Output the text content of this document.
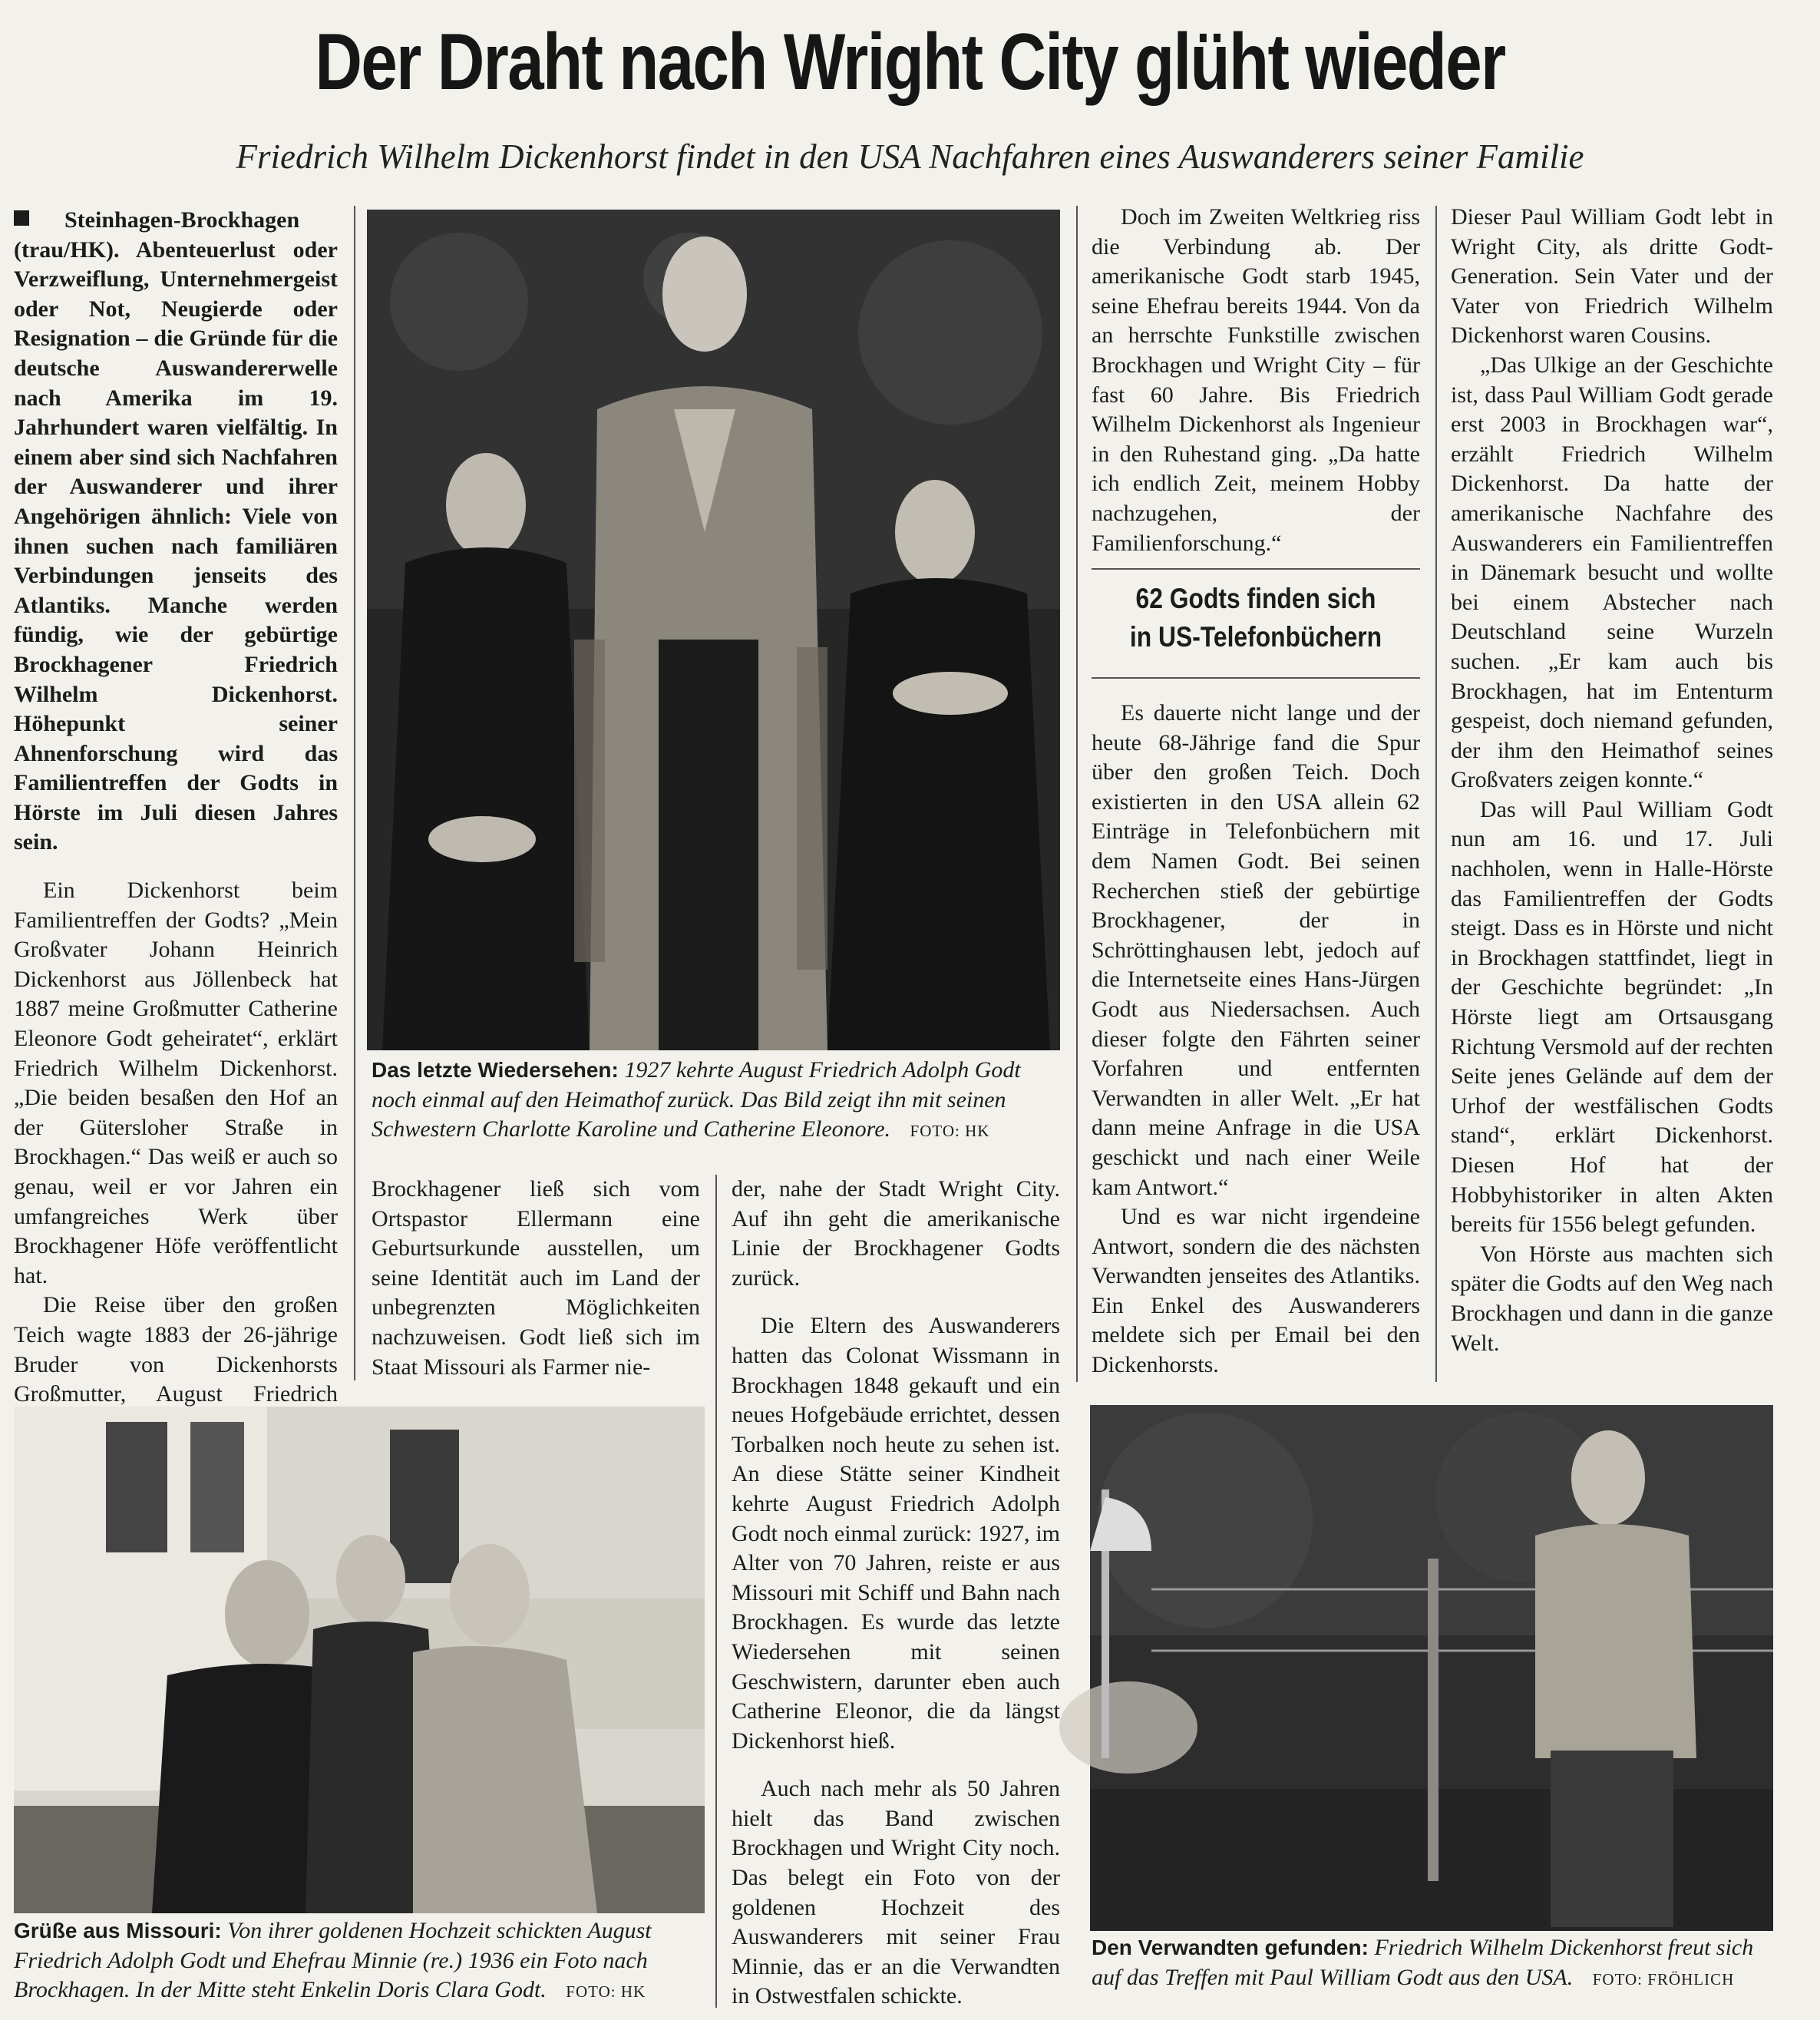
Der Draht nach Wright City glüht wieder
Friedrich Wilhelm Dickenhorst findet in den USA Nachfahren eines Auswanderers seiner Familie

Steinhagen-Brockhagen (trau/HK). Abenteuerlust oder Verzweiflung, Unternehmergeist oder Not, Neugierde oder Resignation – die Gründe für die deutsche Auswandererwelle nach Amerika im 19. Jahrhundert waren vielfältig. In einem aber sind sich Nachfahren der Auswanderer und ihrer Angehörigen ähnlich: Viele von ihnen suchen nach familiären Verbindungen jenseits des Atlantiks. Manche werden fündig, wie der gebürtige Brockhagener Friedrich Wilhelm Dickenhorst. Höhepunkt seiner Ahnenforschung wird das Familientreffen der Godts in Hörste im Juli diesen Jahres sein.

Ein Dickenhorst beim Familientreffen der Godts? „Mein Großvater Johann Heinrich Dickenhorst aus Jöllenbeck hat 1887 meine Großmutter Catherine Eleonore Godt geheiratet“, erklärt Friedrich Wilhelm Dickenhorst. „Die beiden besaßen den Hof an der Gütersloher Straße in Brockhagen.“ Das weiß er auch so genau, weil er vor Jahren ein umfangreiches Werk über Brockhagener Höfe veröffentlicht hat.

Die Reise über den großen Teich wagte 1883 der 26-jährige Bruder von Dickenhorsts Großmutter, August Friedrich

Das letzte Wiedersehen: 1927 kehrte August Friedrich Adolph Godt noch einmal auf den Heimathof zurück. Das Bild zeigt ihn mit seinen Schwestern Charlotte Karoline und Catherine Eleonore. FOTO: HK

Brockhagener ließ sich vom Ortspastor Ellermann eine Geburtsurkunde ausstellen, um seine Identität auch im Land der unbegrenzten Möglichkeiten nachzuweisen. Godt ließ sich im Staat Missouri als Farmer nie-

der, nahe der Stadt Wright City. Auf ihn geht die amerikanische Linie der Brockhagener Godts zurück.

Die Eltern des Auswanderers hatten das Colonat Wissmann in Brockhagen 1848 gekauft und ein neues Hofgebäude errichtet, dessen Torbalken noch heute zu sehen ist. An diese Stätte seiner Kindheit kehrte August Friedrich Adolph Godt noch einmal zurück: 1927, im Alter von 70 Jahren, reiste er aus Missouri mit Schiff und Bahn nach Brockhagen. Es wurde das letzte Wiedersehen mit seinen Geschwistern, darunter eben auch Catherine Eleonor, die da längst Dickenhorst hieß.

Auch nach mehr als 50 Jahren hielt das Band zwischen Brockhagen und Wright City noch. Das belegt ein Foto von der goldenen Hochzeit des Auswanderers mit seiner Frau Minnie, das er an die Verwandten in Ostwestfalen schickte.

Doch im Zweiten Weltkrieg riss die Verbindung ab. Der amerikanische Godt starb 1945, seine Ehefrau bereits 1944. Von da an herrschte Funkstille zwischen Brockhagen und Wright City – für fast 60 Jahre. Bis Friedrich Wilhelm Dickenhorst als Ingenieur in den Ruhestand ging. „Da hatte ich endlich Zeit, meinem Hobby nachzugehen, der Familienforschung.“

62 Godts finden sich
in US-Telefonbüchern

Es dauerte nicht lange und der heute 68-Jährige fand die Spur über den großen Teich. Doch existierten in den USA allein 62 Einträge in Telefonbüchern mit dem Namen Godt. Bei seinen Recherchen stieß der gebürtige Brockhagener, der in Schröttinghausen lebt, jedoch auf die Internetseite eines Hans-Jürgen Godt aus Niedersachsen. Auch dieser folgte den Fährten seiner Vorfahren und entfernten Verwandten in aller Welt. „Er hat dann meine Anfrage in die USA geschickt und nach einer Weile kam Antwort.“

Und es war nicht irgendeine Antwort, sondern die des nächsten Verwandten jenseites des Atlantiks. Ein Enkel des Auswanderers meldete sich per Email bei den Dickenhorsts.

Dieser Paul William Godt lebt in Wright City, als dritte Godt-Generation. Sein Vater und der Vater von Friedrich Wilhelm Dickenhorst waren Cousins.

„Das Ulkige an der Geschichte ist, dass Paul William Godt gerade erst 2003 in Brockhagen war“, erzählt Friedrich Wilhelm Dickenhorst. Da hatte der amerikanische Nachfahre des Auswanderers ein Familientreffen in Dänemark besucht und wollte bei einem Abstecher nach Deutschland seine Wurzeln suchen. „Er kam auch bis Brockhagen, hat im Ententurm gespeist, doch niemand gefunden, der ihm den Heimathof seines Großvaters zeigen konnte.“

Das will Paul William Godt nun am 16. und 17. Juli nachholen, wenn in Halle-Hörste das Familientreffen der Godts steigt. Dass es in Hörste und nicht in Brockhagen stattfindet, liegt in der Geschichte begründet: „In Hörste liegt am Ortsausgang Richtung Versmold auf der rechten Seite jenes Gelände auf dem der Urhof der westfälischen Godts stand“, erklärt Dickenhorst. Diesen Hof hat der Hobbyhistoriker in alten Akten bereits für 1556 belegt gefunden.

Von Hörste aus machten sich später die Godts auf den Weg nach Brockhagen und dann in die ganze Welt.

Grüße aus Missouri: Von ihrer goldenen Hochzeit schickten August Friedrich Adolph Godt und Ehefrau Minnie (re.) 1936 ein Foto nach Brockhagen. In der Mitte steht Enkelin Doris Clara Godt. FOTO: HK
Den Verwandten gefunden: Friedrich Wilhelm Dickenhorst freut sich auf das Treffen mit Paul William Godt aus den USA. FOTO: FRÖHLICH
